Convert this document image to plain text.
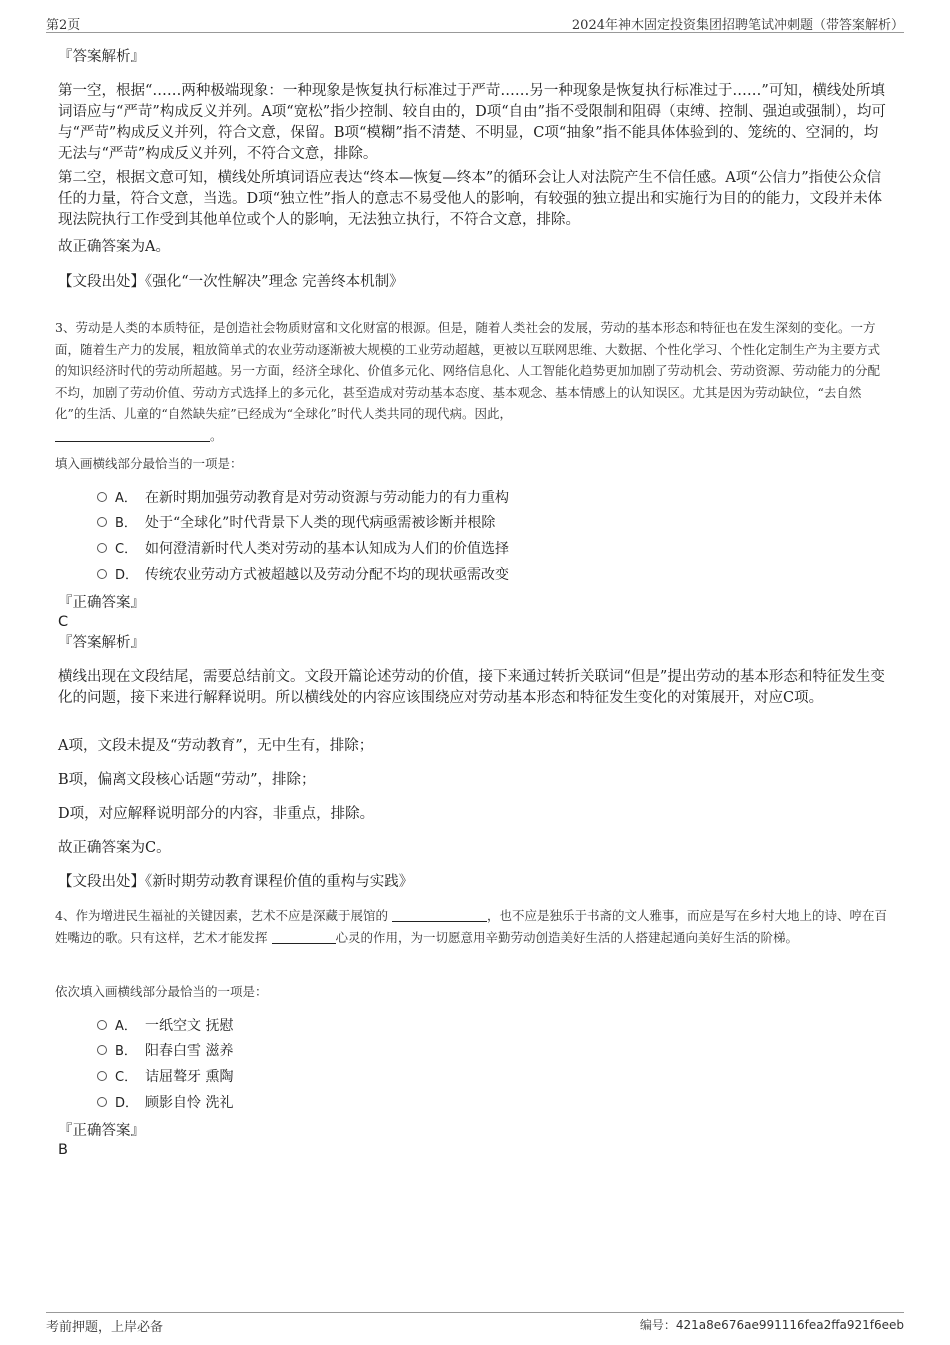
第2页	2024年神木固定投资集团招聘笔试冲刺题（带答案解析）
『答案解析』
第一空，根据“……两种极端现象：一种现象是恢复执行标准过于严苛……另一种现象是恢复执行标准过于……”可知，横线处所填词语应与“严苛”构成反义并列。A项“宽松”指少控制、较自由的，D项“自由”指不受限制和阻碍（束缚、控制、强迫或强制），均可与“严苛”构成反义并列，符合文意，保留。B项“模糊”指不清楚、不明显，C项“抽象”指不能具体体验到的、笼统的、空洞的，均无法与“严苛”构成反义并列，不符合文意，排除。
第二空，根据文意可知，横线处所填词语应表达“终本—恢复—终本”的循环会让人对法院产生不信任感。A项“公信力”指使公众信任的力量，符合文意，当选。D项“独立性”指人的意志不易受他人的影响，有较强的独立提出和实施行为目的的能力，文段并未体现法院执行工作受到其他单位或个人的影响，无法独立执行，不符合文意，排除。
故正确答案为A。
【文段出处】《强化“一次性解决”理念 完善终本机制》
3、劳动是人类的本质特征，是创造社会物质财富和文化财富的根源。但是，随着人类社会的发展，劳动的基本形态和特征也在发生深刻的变化。一方面，随着生产力的发展，粗放简单式的农业劳动逐渐被大规模的工业劳动超越，更被以互联网思维、大数据、个性化学习、个性化定制生产为主要方式的知识经济时代的劳动所超越。另一方面，经济全球化、价值多元化、网络信息化、人工智能化趋势更加加剧了劳动机会、劳动资源、劳动能力的分配不均，加剧了劳动价值、劳动方式选择上的多元化，甚至造成对劳动基本态度、基本观念、基本情感上的认知误区。尤其是因为劳动缺位，“去自然化”的生活、儿童的“自然缺失症”已经成为“全球化”时代人类共同的现代病。因此，
。
填入画横线部分最恰当的一项是：
A． 在新时期加强劳动教育是对劳动资源与劳动能力的有力重构
B． 处于“全球化”时代背景下人类的现代病亟需被诊断并根除
C． 如何澄清新时代人类对劳动的基本认知成为人们的价值选择
D． 传统农业劳动方式被超越以及劳动分配不均的现状亟需改变
『正确答案』
C
『答案解析』
横线出现在文段结尾，需要总结前文。文段开篇论述劳动的价值，接下来通过转折关联词“但是”提出劳动的基本形态和特征发生变化的问题，接下来进行解释说明。所以横线处的内容应该围绕应对劳动基本形态和特征发生变化的对策展开，对应C项。
A项，文段未提及“劳动教育”，无中生有，排除；
B项，偏离文段核心话题“劳动”，排除；
D项，对应解释说明部分的内容，非重点，排除。
故正确答案为C。
【文段出处】《新时期劳动教育课程价值的重构与实践》
4、作为增进民生福祉的关键因素，艺术不应是深藏于展馆的	，也不应是独乐于书斋的文人雅事，而应是写在乡村大地上的诗、哼在百姓嘴边的歌。只有这样，艺术才能发挥	心灵的作用，为一切愿意用辛勤劳动创造美好生活的人搭建起通向美好生活的阶梯。
依次填入画横线部分最恰当的一项是：
A． 一纸空文 抚慰
B． 阳春白雪 滋养
C． 诘屈聱牙 熏陶
D． 顾影自怜 洗礼
『正确答案』
B
考前押题，上岸必备	编号：421a8e676ae991116fea2ffa921f6eeb
